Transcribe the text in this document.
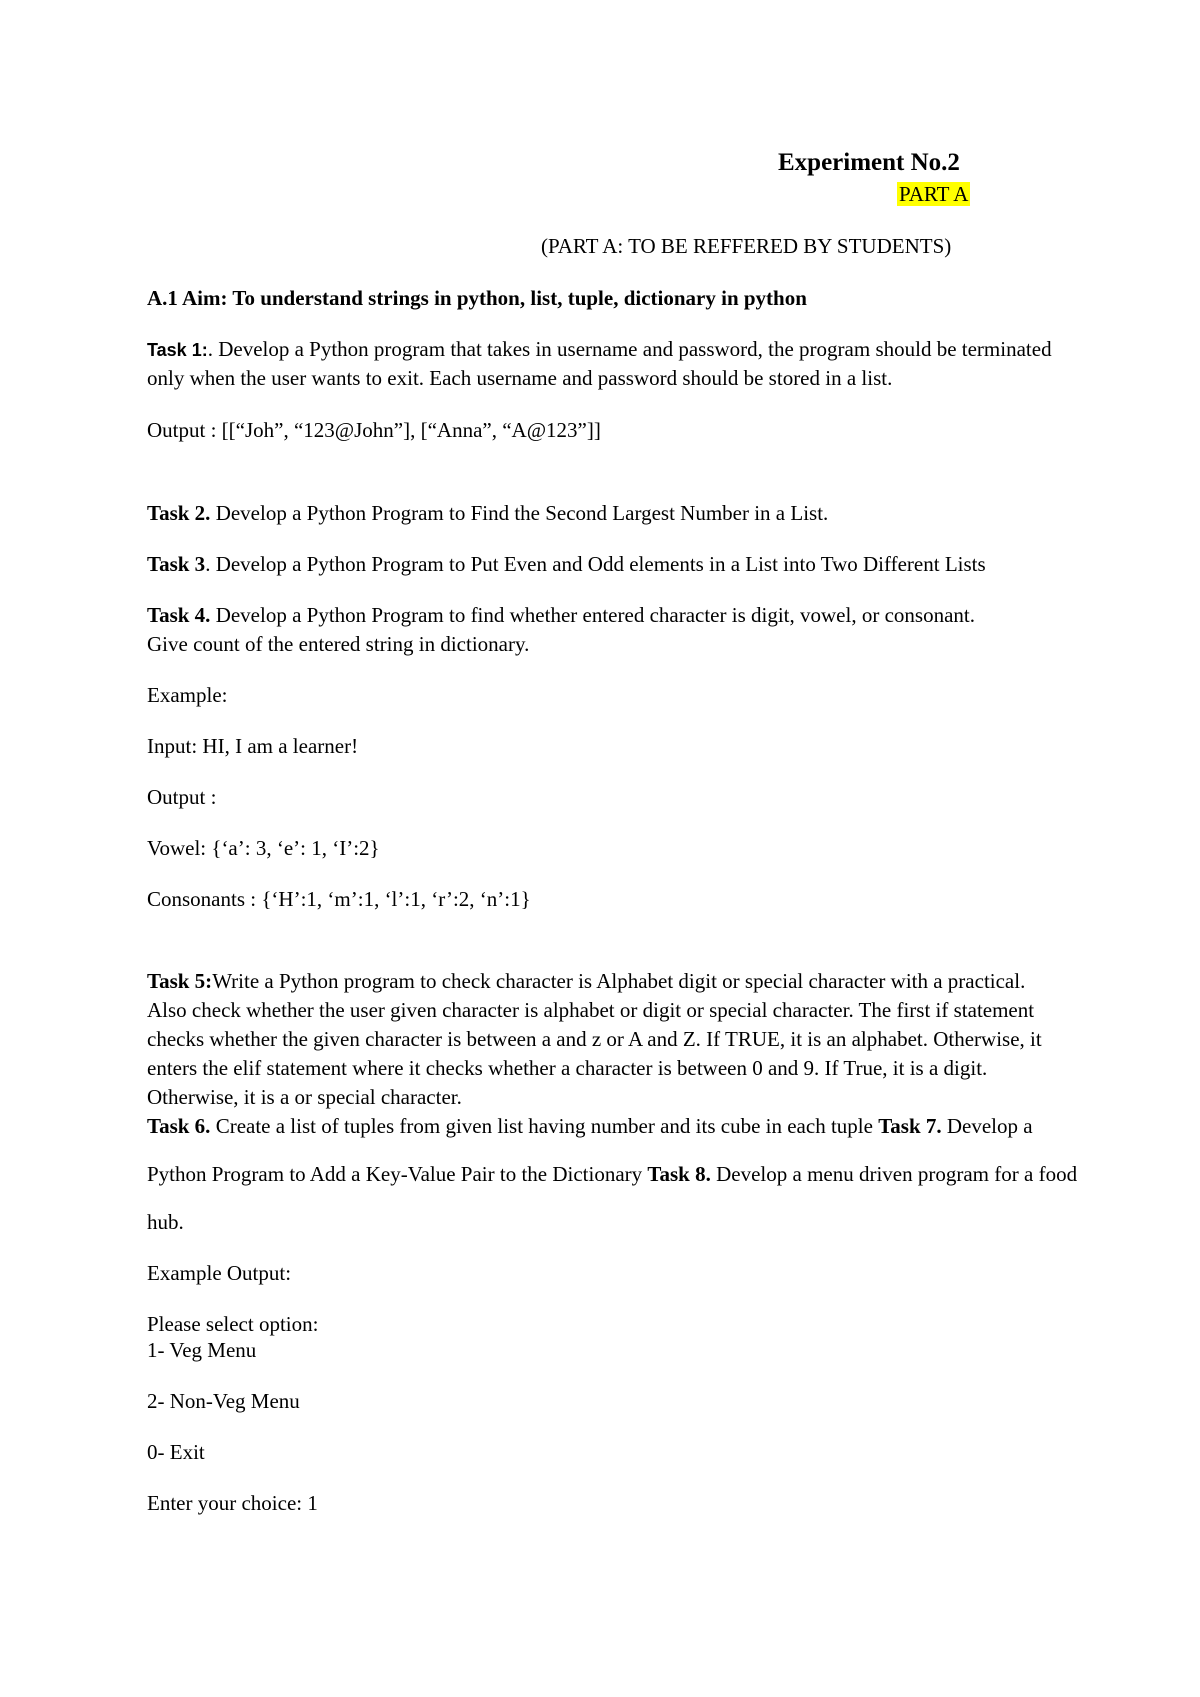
Experiment No.2
PART A
(PART A: TO BE REFFERED BY STUDENTS)
A.1 Aim: To understand strings in python, list, tuple, dictionary in python
Task 1:. Develop a Python program that takes in username and password, the program should be terminated
only when the user wants to exit. Each username and password should be stored in a list.
Output : [[“Joh”, “123@John”], [“Anna”, “A@123”]]
Task 2. Develop a Python Program to Find the Second Largest Number in a List.
Task 3. Develop a Python Program to Put Even and Odd elements in a List into Two Different Lists
Task 4. Develop a Python Program to find whether entered character is digit, vowel, or consonant.
Give count of the entered string in dictionary.
Example:
Input: HI, I am a learner!
Output :
Vowel: {‘a’: 3, ‘e’: 1, ‘I’:2}
Consonants : {‘H’:1, ‘m’:1, ‘l’:1, ‘r’:2, ‘n’:1}
Task 5:Write a Python program to check character is Alphabet digit or special character with a practical.
Also check whether the user given character is alphabet or digit or special character. The first if statement
checks whether the given character is between a and z or A and Z. If TRUE, it is an alphabet. Otherwise, it
enters the elif statement where it checks whether a character is between 0 and 9. If True, it is a digit.
Otherwise, it is a or special character.
Task 6. Create a list of tuples from given list having number and its cube in each tuple Task 7. Develop a
Python Program to Add a Key-Value Pair to the Dictionary Task 8. Develop a menu driven program for a food
hub.
Example Output:
Please select option:
1- Veg Menu
2- Non-Veg Menu
0- Exit
Enter your choice: 1
